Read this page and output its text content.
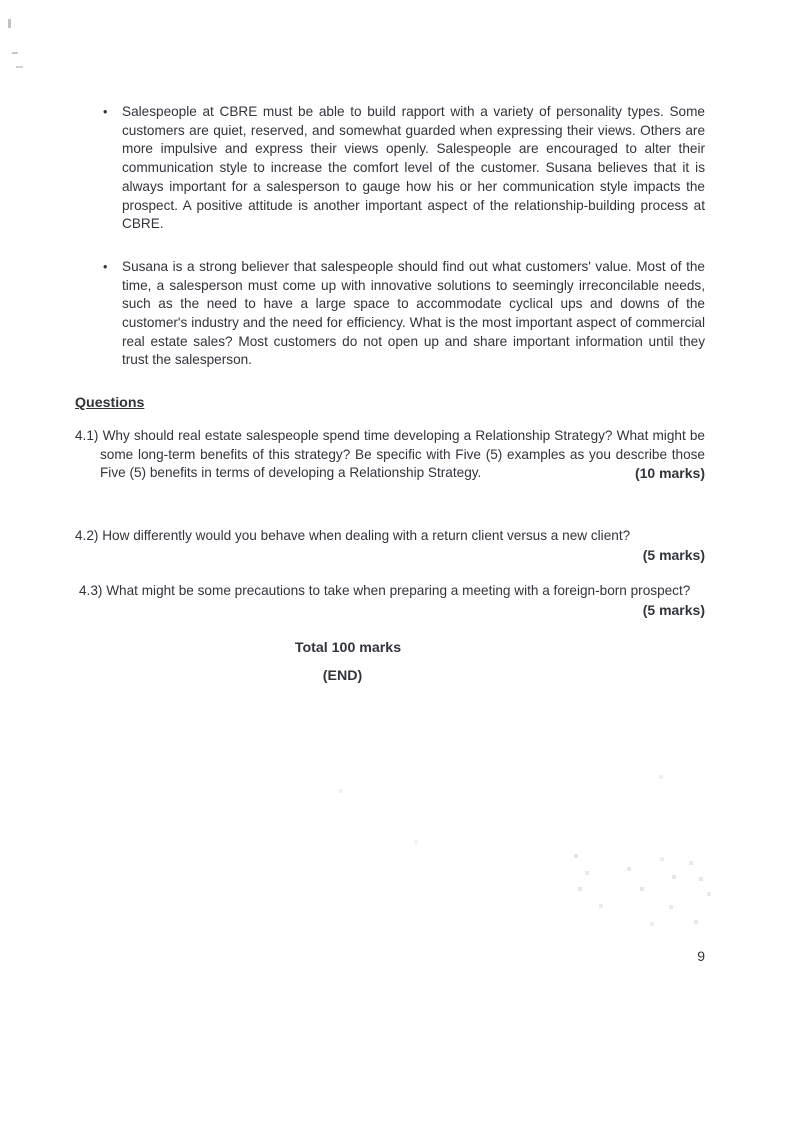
•	Salespeople at CBRE must be able to build rapport with a variety of personality types. Some customers are quiet, reserved, and somewhat guarded when expressing their views. Others are more impulsive and express their views openly. Salespeople are encouraged to alter their communication style to increase the comfort level of the customer. Susana believes that it is always important for a salesperson to gauge how his or her communication style impacts the prospect. A positive attitude is another important aspect of the relationship-building process at CBRE.
•	Susana is a strong believer that salespeople should find out what customers' value. Most of the time, a salesperson must come up with innovative solutions to seemingly irreconcilable needs, such as the need to have a large space to accommodate cyclical ups and downs of the customer's industry and the need for efficiency. What is the most important aspect of commercial real estate sales? Most customers do not open up and share important information until they trust the salesperson.
Questions
4.1) Why should real estate salespeople spend time developing a Relationship Strategy? What might be some long-term benefits of this strategy? Be specific with Five (5) examples as you describe those Five (5) benefits in terms of developing a Relationship Strategy.	(10 marks)
4.2) How differently would you behave when dealing with a return client versus a new client?
(5 marks)
4.3) What might be some precautions to take when preparing a meeting with a foreign-born prospect?
(5 marks)
Total 100 marks
(END)
9
